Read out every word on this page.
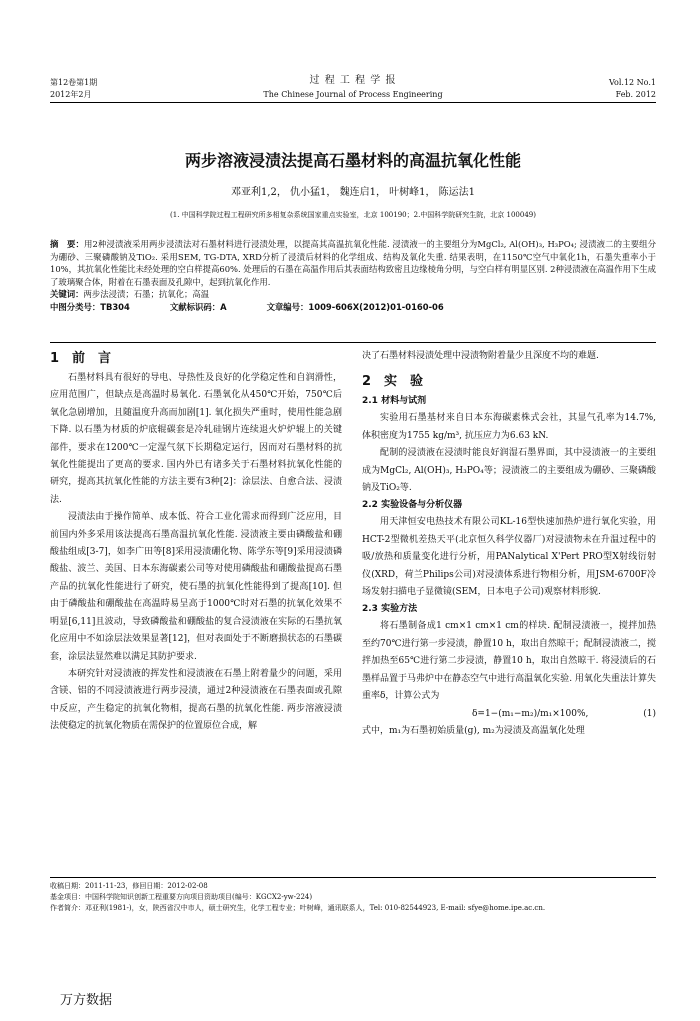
第12卷第1期
2012年2月
过 程 工 程 学 报
The Chinese Journal of Process Engineering
Vol.12 No.1
Feb. 2012
两步溶液浸渍法提高石墨材料的高温抗氧化性能
邓亚利1,2， 仇小猛1， 魏连启1， 叶树峰1， 陈运法1
(1. 中国科学院过程工程研究所多相复杂系统国家重点实验室，北京 100190；2.中国科学院研究生院，北京 100049)
摘　要：用2种浸渍液采用两步浸渍法对石墨材料进行浸渍处理，以提高其高温抗氧化性能. 浸渍液一的主要组分为MgCl₂, Al(OH)₃, H₃PO₄; 浸渍液二的主要组分为硼砂、三聚磷酸钠及TiO₂. 采用SEM, TG-DTA, XRD分析了浸渍后材料的化学组成、结构及氧化失重. 结果表明，在1150℃空气中氧化1h，石墨失重率小于10%，其抗氧化性能比未经处理的空白样提高60%. 处理后的石墨在高温作用后其表面结构致密且边缘棱角分明，与空白样有明显区别. 2种浸渍液在高温作用下生成了玻璃聚合体，附着在石墨表面及孔隙中，起到抗氧化作用.
关键词：两步法浸渍；石墨；抗氧化；高温
中图分类号：TB304	文献标识码：A	文章编号：1009-606X(2012)01-0160-06
1　前　言

石墨材料具有很好的导电、导热性及良好的化学稳定性和自润滑性，应用范围广，但缺点是高温时易氧化. 石墨氧化从450℃开始，750℃后氧化急剧增加，且随温度升高而加剧[1]. 氧化损失严重时，使用性能急剧下降. 以石墨为材质的炉底辊碳套是冷轧硅钢片连续退火炉炉辊上的关键部件，要求在1200℃一定湿气氛下长期稳定运行，因而对石墨材料的抗氧化性能提出了更高的要求. 国内外已有诸多关于石墨材料抗氧化性能的研究，提高其抗氧化性能的方法主要有3种[2]：涂层法、自愈合法、浸渍法.

浸渍法由于操作简单、成本低、符合工业化需求而得到广泛应用，目前国内外多采用该法提高石墨高温抗氧化性能. 浸渍液主要由磷酸盐和硼酸盐组成[3-7]，如李广田等[8]采用浸渍硼化物、陈学东等[9]采用浸渍磷酸盐、波兰、美国、日本东海碳素公司等对使用磷酸盐和硼酸盐提高石墨产品的抗氧化性能进行了研究，使石墨的抗氧化性能得到了提高[10]. 但由于磷酸盐和硼酸盐在高温時易呈高于1000℃时对石墨的抗氧化效果不明显[6,11]且波动，导致磷酸盐和硼酸盐的复合浸渍液在实际的石墨抗氧化应用中不如涂层法效果显著[12]，但对表面处于不断磨损状态的石墨碳套，涂层法显然难以满足其防护要求.

本研究针对浸渍液的挥发性和浸渍液在石墨上附着量少的问题，采用含镁、铝的不同浸渍液进行两步浸渍，通过2种浸渍液在石墨表面或孔隙中反应，产生稳定的抗氧化物相，提高石墨的抗氧化性能. 两步溶液浸渍法使稳定的抗氧化物质在需保护的位置原位合成，解

决了石墨材料浸渍处理中浸渍物附着量少且深度不均的难题.

2　实　验
2.1 材料与试剂

实验用石墨基材来自日本东海碳素株式会社，其显气孔率为14.7%, 体积密度为1755 kg/m³, 抗压应力为6.63 kN.

配制的浸渍液在浸渍时能良好润湿石墨界面，其中浸渍液一的主要组成为MgCl₂, Al(OH)₃, H₃PO₄等；浸渍液二的主要组成为硼砂、三聚磷酸钠及TiO₂等.

2.2 实验设备与分析仪器

用天津恒安电热技术有限公司KL-16型快速加热炉进行氧化实验，用HCT-2型微机差热天平(北京恒久科学仪器厂)对浸渍物未在升温过程中的吸/放热和质量变化进行分析，用PANalytical X'Pert PRO型X射线衍射仪(XRD，荷兰Philips公司)对浸渍体系进行物相分析，用JSM-6700F冷场发射扫描电子显微镜(SEM，日本电子公司)观察材料形貌.

2.3 实验方法

将石墨制备成1 cm×1 cm×1 cm的样块. 配制浸渍液一，搅拌加热至约70℃进行第一步浸渍，静置10 h，取出自然晾干；配制浸渍液二，搅拌加热至65℃进行第二步浸渍，静置10 h，取出自然晾干. 将浸渍后的石墨样品置于马弗炉中在静态空气中进行高温氧化实验. 用氧化失重法计算失重率δ，计算公式为

δ=1−(m₁−m₂)/m₁×100%,	(1)

式中，m₁为石墨初始质量(g), m₂为浸渍及高温氧化处理

收稿日期：2011-11-23，修回日期：2012-02-08
基金项目：中国科学院知识创新工程重要方向项目资助项目(编号：KGCX2-yw-224)
作者简介：邓亚利(1981-)，女，陕西省汉中市人，硕士研究生，化学工程专业；叶树峰，通讯联系人，Tel: 010-82544923, E-mail: sfye@home.ipe.ac.cn.
万方数据
